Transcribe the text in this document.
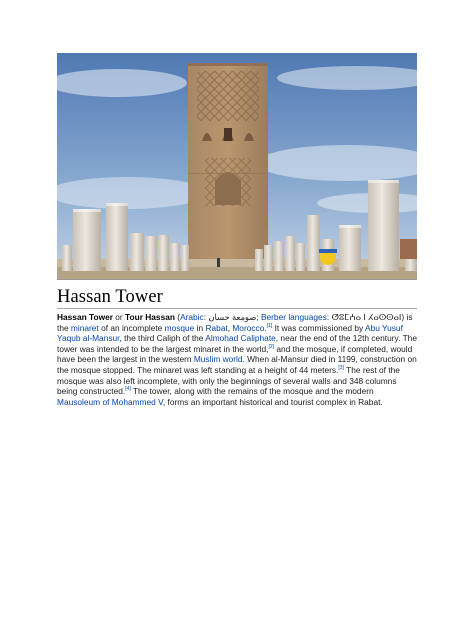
Hassan Tower

Hassan Tower or Tour Hassan (Arabic: صومعة حسان; Berber languages: ⵚⵓⵎⵄⴰ ⵏ ⵃⴰⵙⵙⴰⵏ) is the minaret of an incomplete mosque in Rabat, Morocco.[1] It was commissioned by Abu Yusuf Yaqub al-Mansur, the third Caliph of the Almohad Caliphate, near the end of the 12th century. The tower was intended to be the largest minaret in the world,[2] and the mosque, if completed, would have been the largest in the western Muslim world. When al-Mansur died in 1199, construction on the mosque stopped. The minaret was left standing at a height of 44 meters.[3] The rest of the mosque was also left incomplete, with only the beginnings of several walls and 348 columns being constructed.[4] The tower, along with the remains of the mosque and the modern Mausoleum of Mohammed V, forms an important historical and tourist complex in Rabat.
